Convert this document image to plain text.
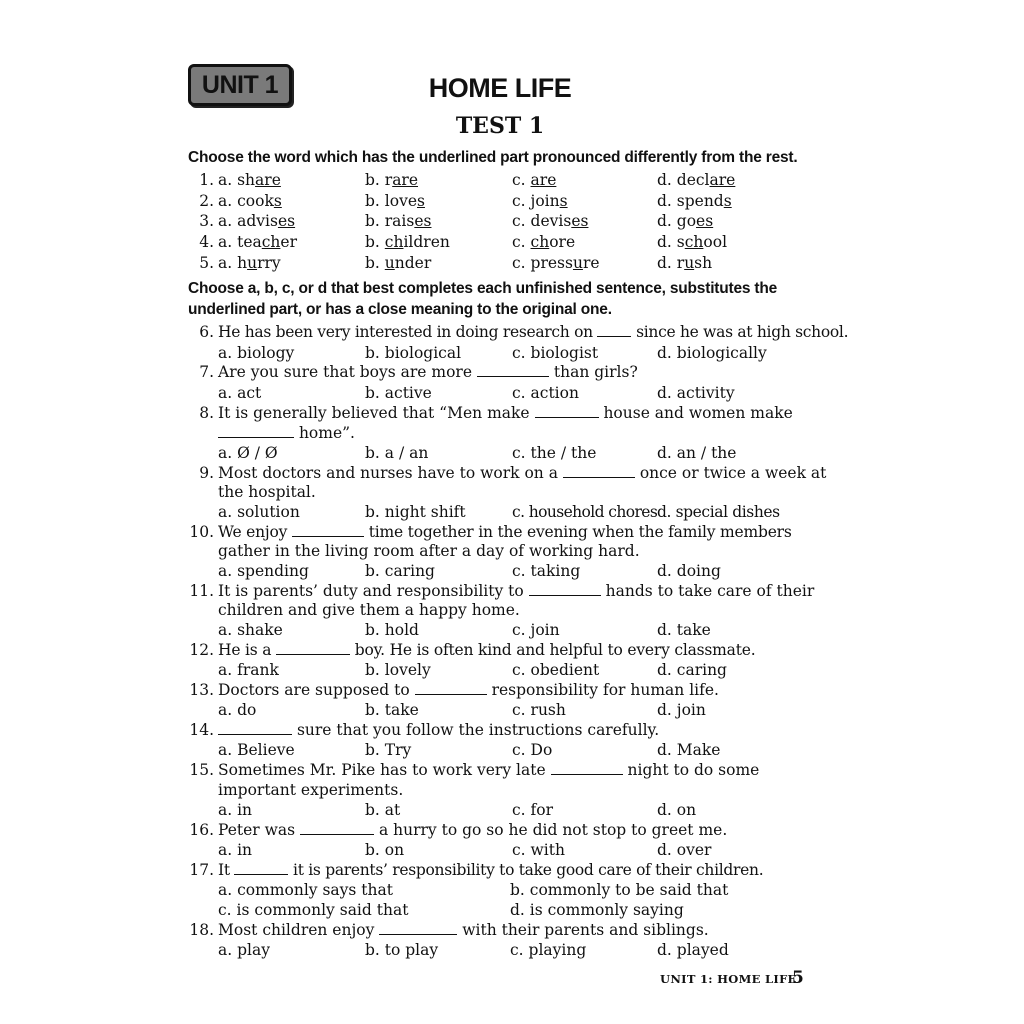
UNIT 1	HOME LIFE
TEST 1
Choose the word which has the underlined part pronounced differently from the rest.
1. a. share	b. rare	c. are	d. declare
2. a. cooks	b. loves	c. joins	d. spends
3. a. advises	b. raises	c. devises	d. goes
4. a. teacher	b. children	c. chore	d. school
5. a. hurry	b. under	c. pressure	d. rush
Choose a, b, c, or d that best completes each unfinished sentence, substitutes the
underlined part, or has a close meaning to the original one.
6. He has been very interested in doing research on	since he was at high school.
a. biology	b. biological	c. biologist	d. biologically
7. Are you sure that boys are more	than girls?
a. act	b. active	c. action	d. activity
8. It is generally believed that “Men make	house and women make
home”.
a. Ø / Ø	b. a / an	c. the / the	d. an / the
9. Most doctors and nurses have to work on a	once or twice a week at
the hospital.
a. solution	b. night shift	c. household chores d. special dishes
10. We enjoy	time together in the evening when the family members
gather in the living room after a day of working hard.
a. spending	b. caring	c. taking	d. doing
11. It is parents’ duty and responsibility to	hands to take care of their
children and give them a happy home.
a. shake	b. hold	c. join	d. take
12. He is a	boy. He is often kind and helpful to every classmate.
a. frank	b. lovely	c. obedient	d. caring
13. Doctors are supposed to	responsibility for human life.
a. do	b. take	c. rush	d. join
14.	sure that you follow the instructions carefully.
a. Believe	b. Try	c. Do	d. Make
15. Sometimes Mr. Pike has to work very late	night to do some
important experiments.
a. in	b. at	c. for	d. on
16. Peter was	a hurry to go so he did not stop to greet me.
a. in	b. on	c. with	d. over
17. It	it is parents’ responsibility to take good care of their children.
a. commonly says that	b. commonly to be said that
c. is commonly said that	d. is commonly saying
18. Most children enjoy	with their parents and siblings.
a. play	b. to play	c. playing	d. played
UNIT 1: HOME LIFE
5
